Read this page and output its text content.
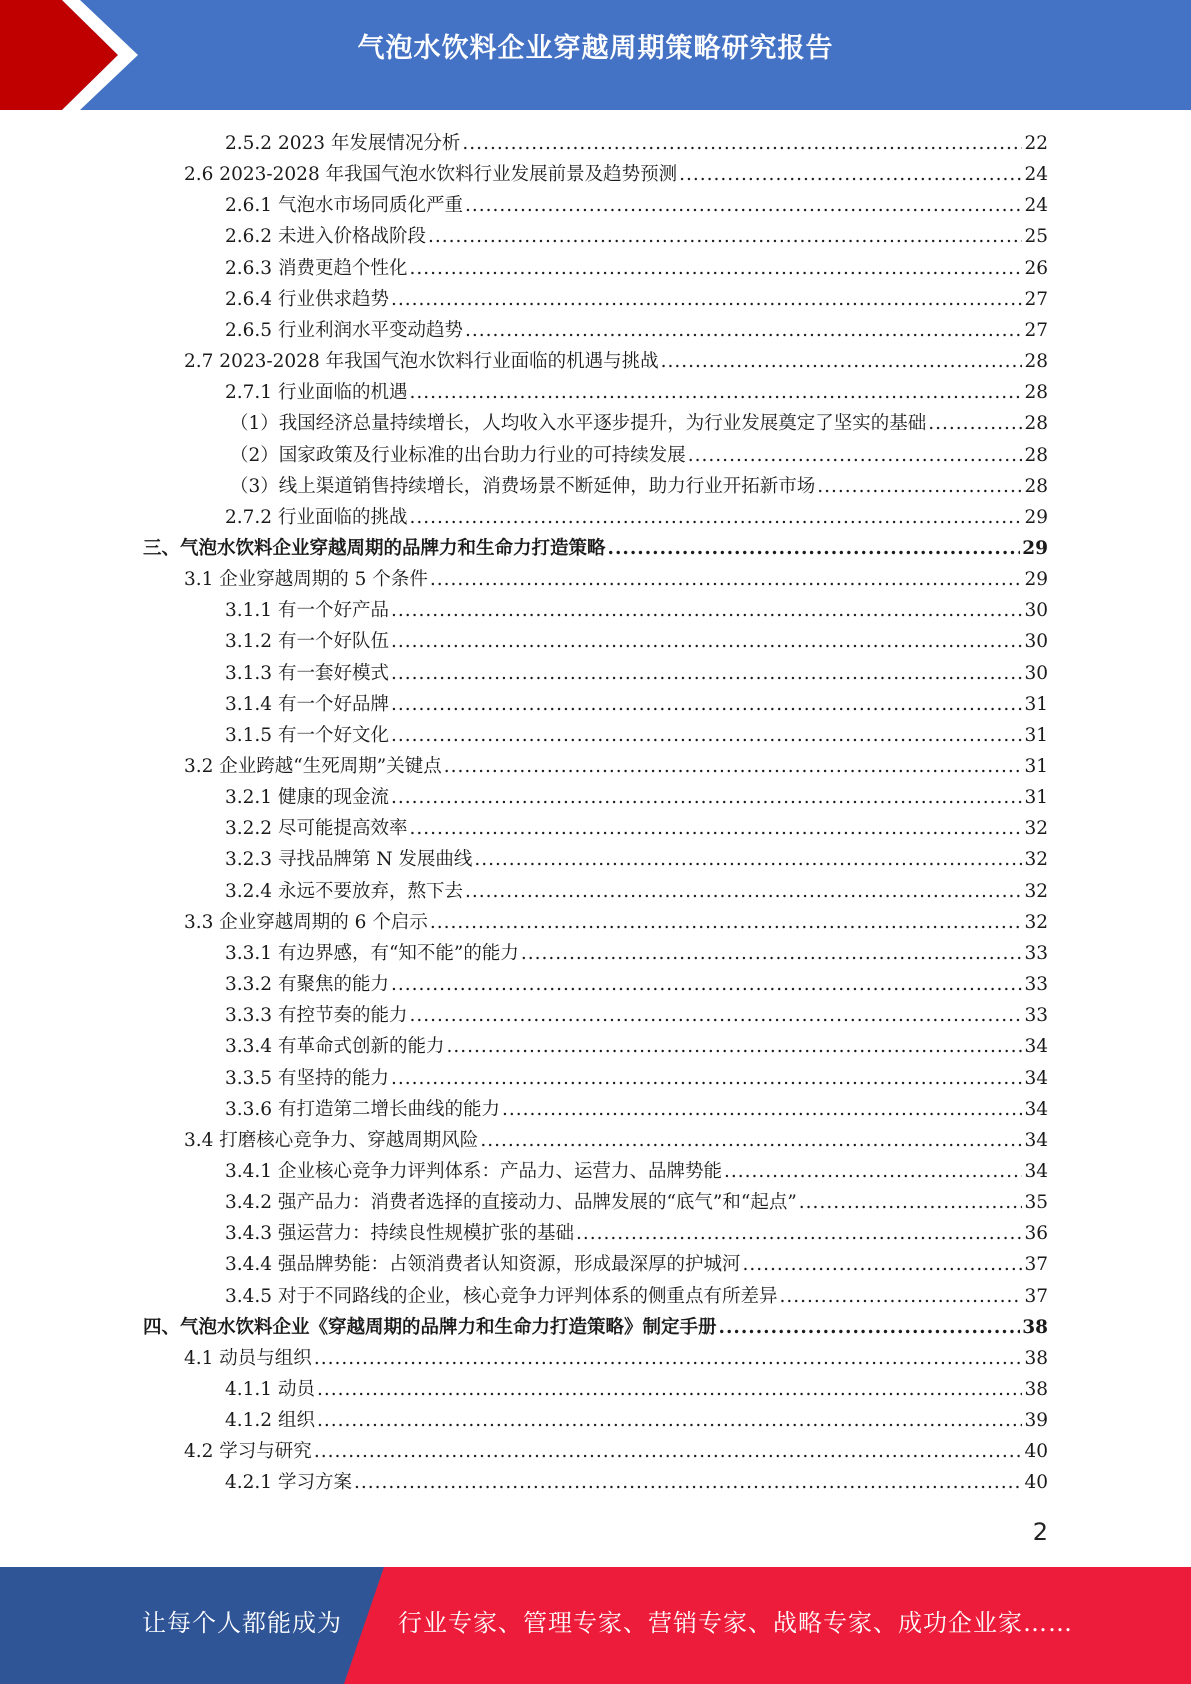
气泡水饮料企业穿越周期策略研究报告
2.5.2 2023 年发展情况分析 .....	22
2.6 2023-2028 年我国气泡水饮料行业发展前景及趋势预测 .....	24
2.6.1 气泡水市场同质化严重 .....	24
2.6.2 未进入价格战阶段 .....	25
2.6.3 消费更趋个性化 .....	26
2.6.4 行业供求趋势 .....	27
2.6.5 行业利润水平变动趋势 .....	27
2.7 2023-2028 年我国气泡水饮料行业面临的机遇与挑战 .....	28
2.7.1 行业面临的机遇 .....	28
（1）我国经济总量持续增长，人均收入水平逐步提升，为行业发展奠定了坚实的基础 .....	28
（2）国家政策及行业标准的出台助力行业的可持续发展 .....	28
（3）线上渠道销售持续增长，消费场景不断延伸，助力行业开拓新市场 .....	28
2.7.2 行业面临的挑战 .....	29
三、气泡水饮料企业穿越周期的品牌力和生命力打造策略 .....	29
3.1 企业穿越周期的 5 个条件 .....	29
3.1.1 有一个好产品 .....	30
3.1.2 有一个好队伍 .....	30
3.1.3 有一套好模式 .....	30
3.1.4 有一个好品牌 .....	31
3.1.5 有一个好文化 .....	31
3.2 企业跨越“生死周期”关键点 .....	31
3.2.1 健康的现金流 .....	31
3.2.2 尽可能提高效率 .....	32
3.2.3 寻找品牌第 N 发展曲线 .....	32
3.2.4 永远不要放弃，熬下去 .....	32
3.3 企业穿越周期的 6 个启示 .....	32
3.3.1 有边界感，有“知不能”的能力 .....	33
3.3.2 有聚焦的能力 .....	33
3.3.3 有控节奏的能力 .....	33
3.3.4 有革命式创新的能力 .....	34
3.3.5 有坚持的能力 .....	34
3.3.6 有打造第二增长曲线的能力 .....	34
3.4 打磨核心竞争力、穿越周期风险 .....	34
3.4.1 企业核心竞争力评判体系：产品力、运营力、品牌势能 .....	34
3.4.2 强产品力：消费者选择的直接动力、品牌发展的“底气”和“起点” .....	35
3.4.3 强运营力：持续良性规模扩张的基础 .....	36
3.4.4 强品牌势能：占领消费者认知资源，形成最深厚的护城河 .....	37
3.4.5 对于不同路线的企业，核心竞争力评判体系的侧重点有所差异 .....	37
四、气泡水饮料企业《穿越周期的品牌力和生命力打造策略》制定手册 .....	38
4.1 动员与组织 .....	38
4.1.1 动员 .....	38
4.1.2 组织 .....	39
4.2 学习与研究 .....	40
4.2.1 学习方案 .....	40
2
让每个人都能成为 行业专家、管理专家、营销专家、战略专家、成功企业家……
